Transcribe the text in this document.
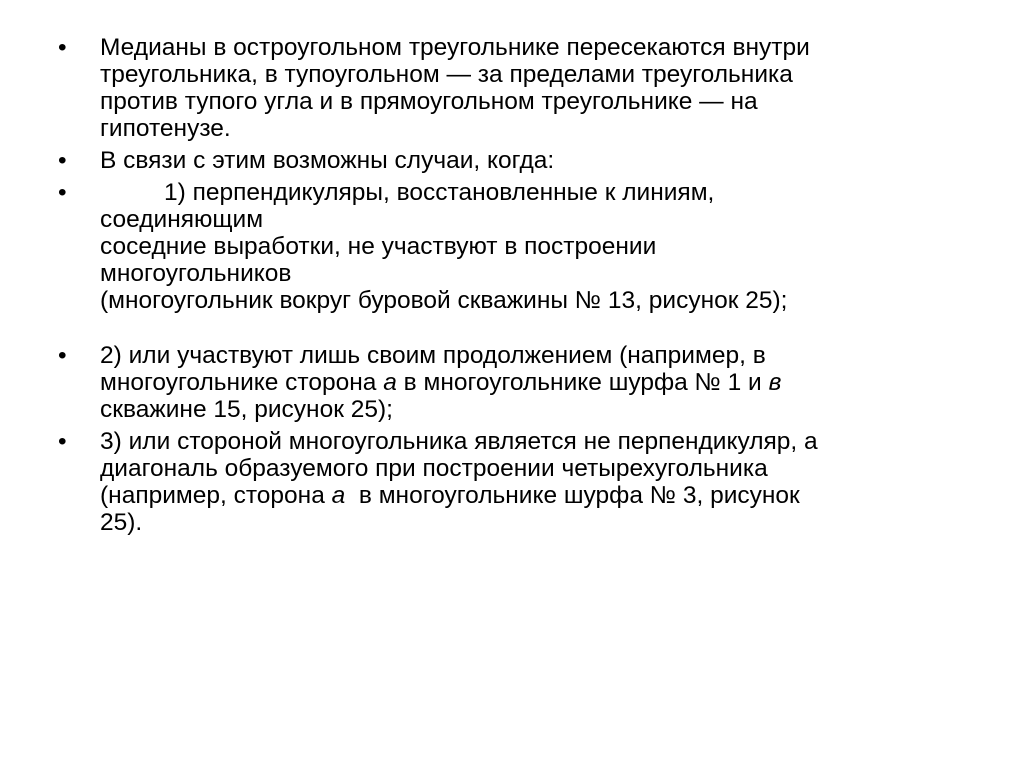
• Медианы в остроугольном треугольнике пересекаются внутри
треугольника, в тупоугольном — за пределами треугольника
против тупого угла и в прямоугольном треугольнике — на
гипотенузе.
• В связи с этим возможны случаи, когда:
• 1) перпендикуляры, восстановленные к линиям,
соединяющим
соседние выработки, не участвуют в построении
многоугольников
(многоугольник вокруг буровой скважины № 13, рисунок 25);
• 2) или участвуют лишь своим продолжением (например, в
многоугольнике сторона а в многоугольнике шурфа № 1 и в
скважине 15, рисунок 25);
• 3) или стороной многоугольника является не перпендикуляр, а
диагональ образуемого при построении четырехугольника
(например, сторона а  в многоугольнике шурфа № 3, рисунок
25).
